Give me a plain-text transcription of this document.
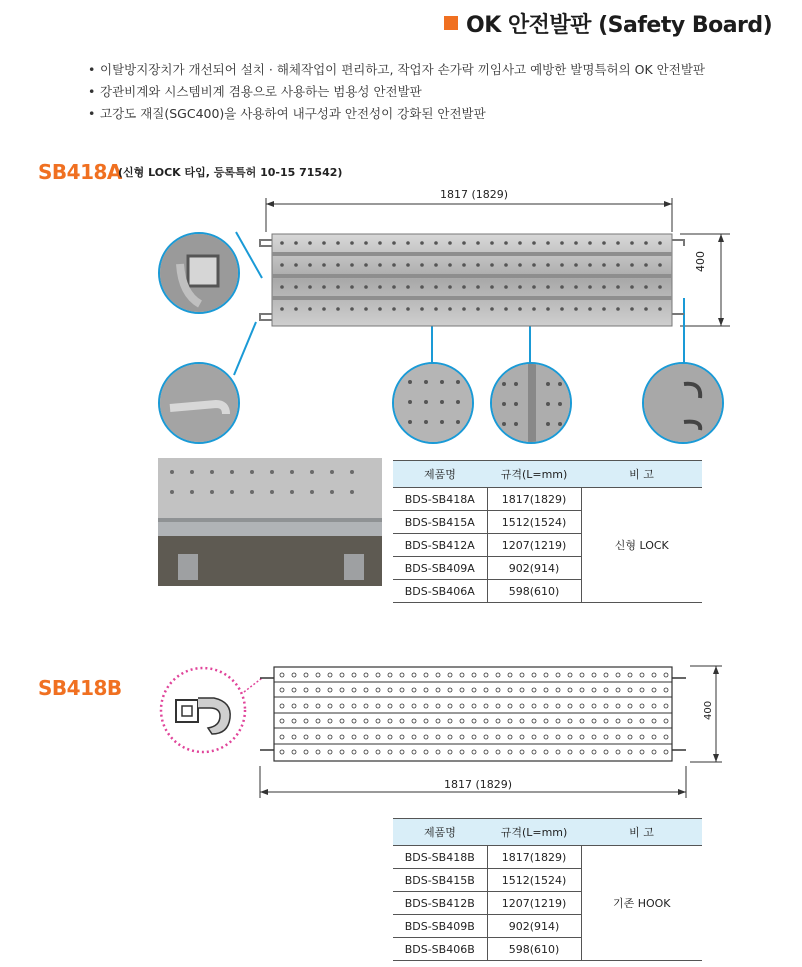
OK 안전발판 (Safety Board)
• 이탈방지장치가 개선되어 설치 · 해체작업이 편리하고, 작업자 손가락 끼임사고 예방한 발명특허의 OK 안전발판
• 강관비계와 시스템비계 겸용으로 사용하는 범용성 안전발판
• 고강도 재질(SGC400)을 사용하여 내구성과 안전성이 강화된 안전발판
SB418A
(신형 LOCK 타입, 등록특허 10-15 71542)
1817 (1829)
400
제품명	규격(L=mm)	비 고
BDS-SB418A	1817(1829)	신형 LOCK
BDS-SB415A	1512(1524)	
BDS-SB412A	1207(1219)	
BDS-SB409A	902(914)	
BDS-SB406A	598(610)	
SB418B
1817 (1829)
400
제품명	규격(L=mm)	비 고
BDS-SB418B	1817(1829)	기존 HOOK
BDS-SB415B	1512(1524)	
BDS-SB412B	1207(1219)	
BDS-SB409B	902(914)	
BDS-SB406B	598(610)	
